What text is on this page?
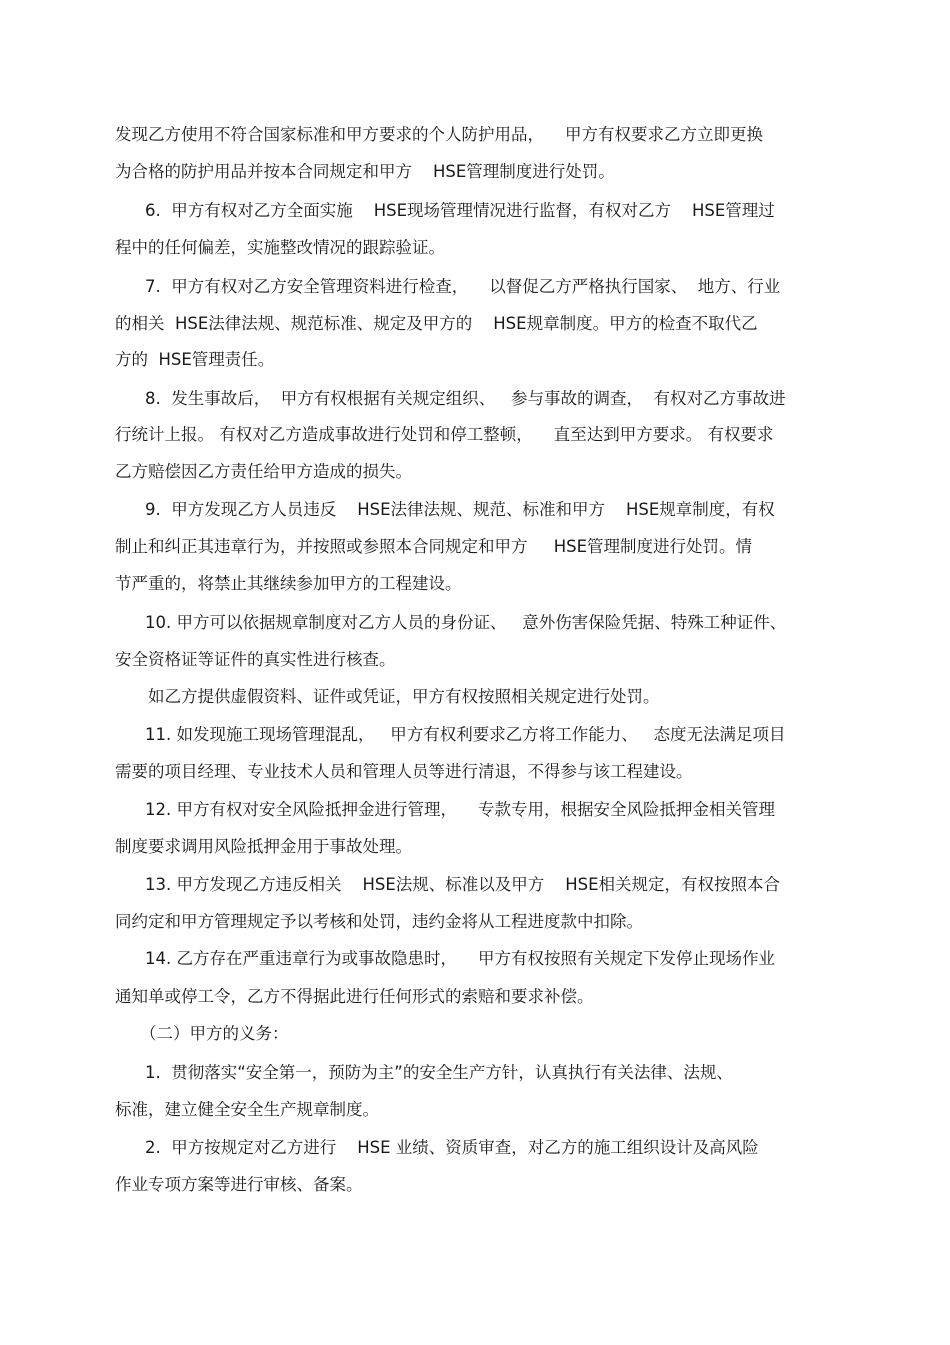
发现乙方使用不符合国家标准和甲方要求的个人防护用品，    甲方有权要求乙方立即更换

为合格的防护用品并按本合同规定和甲方    HSE管理制度进行处罚。

6.  甲方有权对乙方全面实施    HSE现场管理情况进行监督，有权对乙方    HSE管理过

程中的任何偏差，实施整改情况的跟踪验证。

7.  甲方有权对乙方安全管理资料进行检查，    以督促乙方严格执行国家、  地方、行业

的相关  HSE法律法规、规范标准、规定及甲方的    HSE规章制度。甲方的检查不取代乙

方的  HSE管理责任。

8.  发生事故后，  甲方有权根据有关规定组织、   参与事故的调查，  有权对乙方事故进

行统计上报。 有权对乙方造成事故进行处罚和停工整顿，    直至达到甲方要求。 有权要求

乙方赔偿因乙方责任给甲方造成的损失。

9.  甲方发现乙方人员违反    HSE法律法规、规范、标准和甲方    HSE规章制度，有权

制止和纠正其违章行为，并按照或参照本合同规定和甲方     HSE管理制度进行处罚。情

节严重的，将禁止其继续参加甲方的工程建设。

10. 甲方可以依据规章制度对乙方人员的身份证、   意外伤害保险凭据、特殊工种证件、

安全资格证等证件的真实性进行核查。

如乙方提供虚假资料、证件或凭证，甲方有权按照相关规定进行处罚。

11. 如发现施工现场管理混乱，   甲方有权利要求乙方将工作能力、   态度无法满足项目

需要的项目经理、专业技术人员和管理人员等进行清退，不得参与该工程建设。

12. 甲方有权对安全风险抵押金进行管理，    专款专用，根据安全风险抵押金相关管理

制度要求调用风险抵押金用于事故处理。

13. 甲方发现乙方违反相关    HSE法规、标准以及甲方    HSE相关规定，有权按照本合

同约定和甲方管理规定予以考核和处罚，违约金将从工程进度款中扣除。

14. 乙方存在严重违章行为或事故隐患时，    甲方有权按照有关规定下发停止现场作业

通知单或停工令，乙方不得据此进行任何形式的索赔和要求补偿。

（二）甲方的义务：

1.  贯彻落实“安全第一，预防为主”的安全生产方针，认真执行有关法律、法规、

标准，建立健全安全生产规章制度。

2.  甲方按规定对乙方进行    HSE 业绩、资质审查，对乙方的施工组织设计及高风险

作业专项方案等进行审核、备案。
